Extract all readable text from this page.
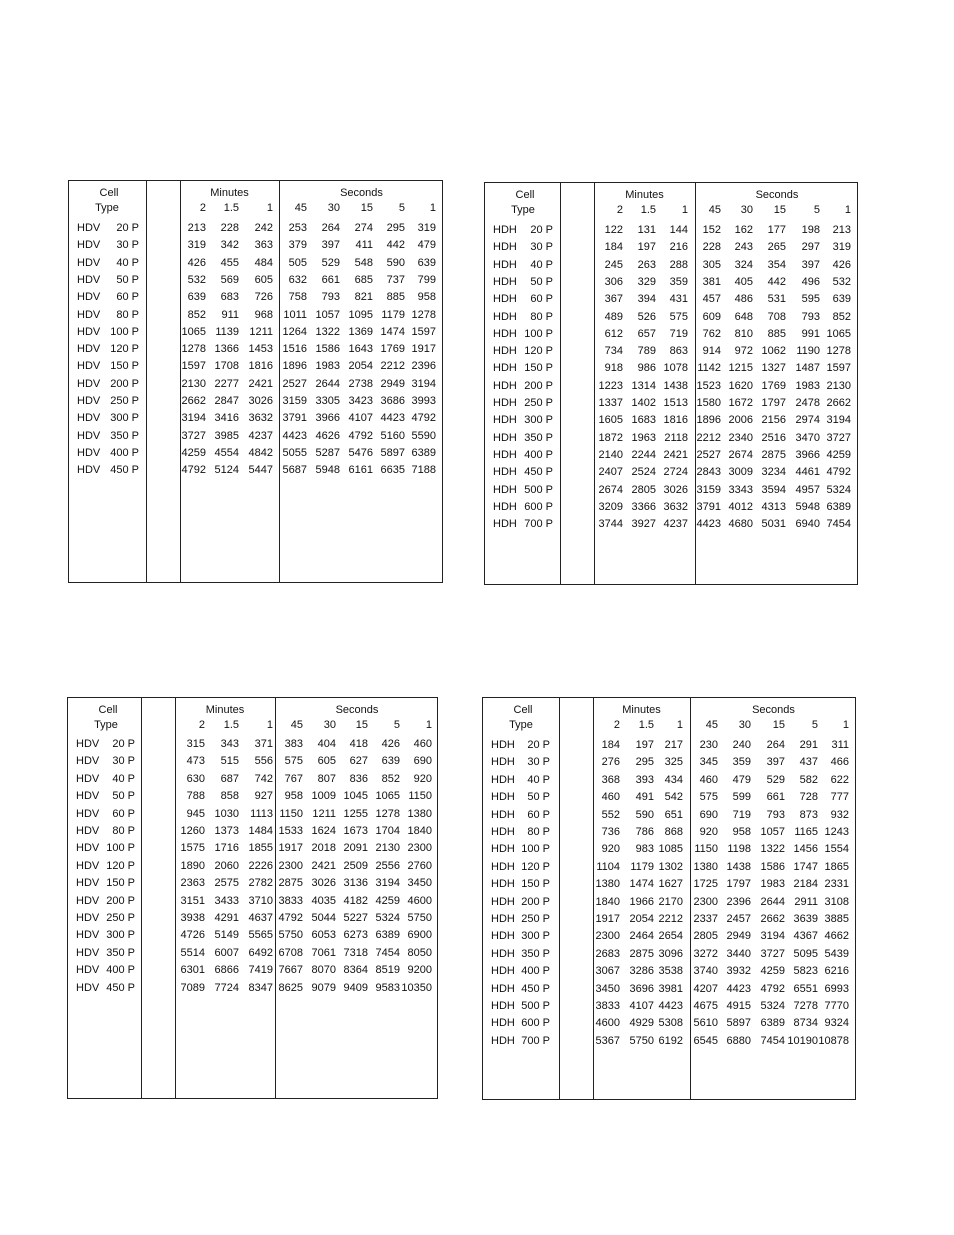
Cell
Type
Minutes	Seconds
2	1.5	1	45	30	15	5	1
HDV	20 P	213	228	242	253	264	274	295	319
HDV	30 P	319	342	363	379	397	411	442	479
HDV	40 P	426	455	484	505	529	548	590	639
HDV	50 P	532	569	605	632	661	685	737	799
HDV	60 P	639	683	726	758	793	821	885	958
HDV	80 P	852	911	968 1011 1057 1095 1179 1278
HDV 100 P	1065 1139 1211 1264 1322 1369 1474 1597
HDV 120 P	1278 1366 1453 1516 1586 1643 1769 1917
HDV 150 P	1597 1708 1816 1896 1983 2054 2212 2396
HDV 200 P	2130 2277 2421 2527 2644 2738 2949 3194
HDV 250 P	2662 2847 3026 3159 3305 3423 3686 3993
HDV 300 P	3194 3416 3632 3791 3966 4107 4423 4792
HDV 350 P	3727 3985 4237 4423 4626 4792 5160 5590
HDV 400 P	4259 4554 4842 5055 5287 5476 5897 6389
HDV 450 P	4792 5124 5447 5687 5948 6161 6635 7188
Cell
Type
Minutes	Seconds
2	1.5	1	45	30	15	5	1
HDH	20 P	122	131	144	152	162	177	198	213
HDH	30 P	184	197	216	228	243	265	297	319
HDH	40 P	245	263	288	305	324	354	397	426
HDH	50 P	306	329	359	381	405	442	496	532
HDH	60 P	367	394	431	457	486	531	595	639
HDH	80 P	489	526	575	609	648	708	793	852
HDH 100 P	612	657	719	762	810	885	991 1065
HDH 120 P	734	789	863	914	972 1062 1190 1278
HDH 150 P	918	986 1078 1142 1215 1327 1487 1597
HDH 200 P	1223 1314 1438 1523 1620 1769 1983 2130
HDH 250 P	1337 1402 1513 1580 1672 1797 2478 2662
HDH 300 P	1605 1683 1816 1896 2006 2156 2974 3194
HDH 350 P	1872 1963 2118 2212 2340 2516 3470 3727
HDH 400 P	2140 2244 2421 2527 2674 2875 3966 4259
HDH 450 P	2407 2524 2724 2843 3009 3234 4461 4792
HDH 500 P	2674 2805 3026 3159 3343 3594 4957 5324
HDH 600 P	3209 3366 3632 3791 4012 4313 5948 6389
HDH 700 P	3744 3927 4237 4423 4680 5031 6940 7454
Cell
Type
Minutes	Seconds
2	1.5	1	45	30	15	5	1
HDV	20 P	315	343	371	383	404	418	426	460
HDV	30 P	473	515	556	575	605	627	639	690
HDV	40 P	630	687	742	767	807	836	852	920
HDV	50 P	788	858	927	958 1009 1045 1065 1150
HDV	60 P	945 1030	1113 1150 1211 1255 1278 1380
HDV	80 P	1260 1373 1484 1533 1624 1673 1704 1840
HDV 100 P	1575 1716 1855 1917 2018 2091 2130 2300
HDV 120 P	1890 2060 2226 2300 2421 2509 2556 2760
HDV 150 P	2363 2575 2782 2875 3026 3136 3194 3450
HDV 200 P	3151 3433 3710 3833 4035 4182 4259 4600
HDV 250 P	3938 4291 4637 4792 5044 5227 5324 5750
HDV 300 P	4726 5149 5565 5750 6053 6273 6389 6900
HDV 350 P	5514 6007 6492 6708 7061 7318 7454 8050
HDV 400 P	6301 6866 7419 7667 8070 8364 8519 9200
HDV 450 P	7089 7724 8347 8625 9079 9409 9583 10350
Cell
Type
Minutes	Seconds
2	1.5	1	45	30	15	5	1
HDH	20 P	184	197 217	230	240	264	291	311
HDH	30 P	276	295 325	345	359	397	437	466
HDH	40 P	368	393 434	460	479	529	582	622
HDH	50 P	460	491 542	575	599	661	728	777
HDH	60 P	552	590 651	690	719	793	873	932
HDH	80 P	736	786 868	920	958 1057 1165 1243
HDH 100 P	920	983 1085	1150 1198 1322 1456 1554
HDH 120 P	1104 1179 1302 1380 1438 1586 1747 1865
HDH 150 P	1380 1474 1627 1725 1797 1983 2184 2331
HDH 200 P	1840 1966 2170 2300 2396 2644 2911 3108
HDH 250 P	1917 2054 2212 2337 2457 2662 3639 3885
HDH 300 P	2300 2464 2654 2805 2949 3194 4367 4662
HDH 350 P	2683 2875 3096 3272 3440 3727 5095 5439
HDH 400 P	3067 3286 3538 3740 3932 4259 5823 6216
HDH 450 P	3450 3696 3981 4207 4423 4792 6551 6993
HDH 500 P	3833 4107 4423 4675 4915 5324 7278 7770
HDH 600 P	4600 4929 5308 5610 5897 6389 8734 9324
HDH 700 P	5367 5750 6192 6545 6880 7454 10190 10878
